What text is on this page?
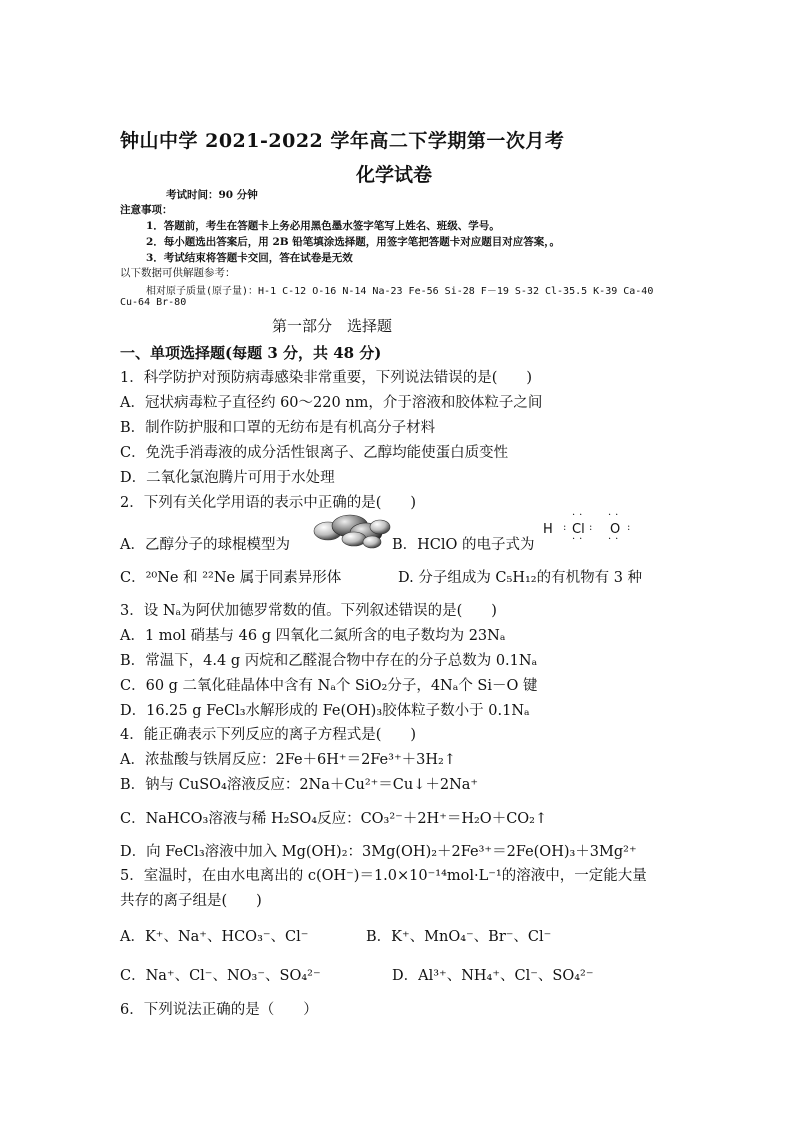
钟山中学 2021-2022 学年高二下学期第一次月考
化学试卷
考试时间：90 分钟
注意事项：
1．答题前，考生在答题卡上务必用黑色墨水签字笔写上姓名、班级、学号。
2．每小题选出答案后，用 2B 铅笔填涂选择题，用签字笔把答题卡对应题目对应答案，。
3．考试结束将答题卡交回，答在试卷是无效
以下数据可供解题参考：
相对原子质量(原子量)：H-1 C-12 O-16 N-14 Na-23 Fe-56 Si-28 F－19 S-32 Cl-35.5 K-39 Ca-40
Cu-64 Br-80
第一部分　选择题
一、单项选择题(每题 3 分，共 48 分)
1．科学防护对预防病毒感染非常重要，下列说法错误的是(　　)
A．冠状病毒粒子直径约 60～220 nm，介于溶液和胶体粒子之间
B．制作防护服和口罩的无纺布是有机高分子材料
C．免洗手消毒液的成分活性银离子、乙醇均能使蛋白质变性
D．二氧化氯泡腾片可用于水处理
2．下列有关化学用语的表示中正确的是(　　)
A．乙醇分子的球棍模型为	B．HClO 的电子式为
H
··
: Cl :
··
··
O :
··
C．²⁰Ne 和 ²²Ne 属于同素异形体	D. 分子组成为 C₅H₁₂的有机物有 3 种
3．设 Nₐ为阿伏加德罗常数的值。下列叙述错误的是(　　)
A．1 mol 硝基与 46 g 四氧化二氮所含的电子数均为 23Nₐ
B．常温下，4.4 g 丙烷和乙醛混合物中存在的分子总数为 0.1Nₐ
C．60 g 二氧化硅晶体中含有 Nₐ个 SiO₂分子，4Nₐ个 Si－O 键
D．16.25 g FeCl₃水解形成的 Fe(OH)₃胶体粒子数小于 0.1Nₐ
4．能正确表示下列反应的离子方程式是(　　)
A．浓盐酸与铁屑反应：2Fe＋6H⁺＝2Fe³⁺＋3H₂↑
B．钠与 CuSO₄溶液反应：2Na＋Cu²⁺＝Cu↓＋2Na⁺
C．NaHCO₃溶液与稀 H₂SO₄反应：CO₃²⁻＋2H⁺＝H₂O＋CO₂↑
D．向 FeCl₃溶液中加入 Mg(OH)₂：3Mg(OH)₂＋2Fe³⁺＝2Fe(OH)₃＋3Mg²⁺
5．室温时，在由水电离出的 c(OH⁻)＝1.0×10⁻¹⁴mol·L⁻¹的溶液中，一定能大量
共存的离子组是(　　)
A．K⁺、Na⁺、HCO₃⁻、Cl⁻	B．K⁺、MnO₄⁻、Br⁻、Cl⁻
C．Na⁺、Cl⁻、NO₃⁻、SO₄²⁻	D．Al³⁺、NH₄⁺、Cl⁻、SO₄²⁻
6．下列说法正确的是（　　）
